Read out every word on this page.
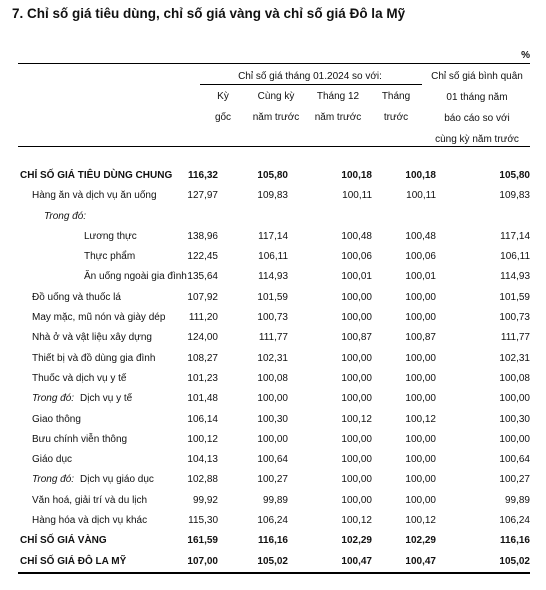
7. Chỉ số giá tiêu dùng, chỉ số giá vàng và chỉ số giá Đô la Mỹ
%
Chỉ số giá tháng 01.2024 so với:
Kỳ
gốc
Cùng kỳ
năm trước
Tháng 12
năm trước
Tháng
trước
Chỉ số giá bình quân
01 tháng năm
báo cáo so với
cùng kỳ năm trước
CHỈ SỐ GIÁ TIÊU DÙNG CHUNG 116,32	105,80	100,18	100,18	105,80
Hàng ăn và dịch vụ ăn uống	127,97	109,83	100,11	100,11	109,83
Trong đó:
Lương thực	138,96	117,14	100,48	100,48	117,14
Thực phẩm	122,45	106,11	100,06	100,06	106,11
Ăn uống ngoài gia đình 135,64	114,93	100,01	100,01	114,93
Đồ uống và thuốc lá	107,92	101,59	100,00	100,00	101,59
May mặc, mũ nón và giày dép 111,20	100,73	100,00	100,00	100,73
Nhà ở và vật liệu xây dựng	124,00	111,77	100,87	100,87	111,77
Thiết bị và đồ dùng gia đình	108,27	102,31	100,00	100,00	102,31
Thuốc và dịch vụ y tế	101,23	100,08	100,00	100,00	100,08
Trong đó: Dịch vụ y tế	101,48	100,00	100,00	100,00	100,00
Giao thông	106,14	100,30	100,12	100,12	100,30
Bưu chính viễn thông	100,12	100,00	100,00	100,00	100,00
Giáo dục	104,13	100,64	100,00	100,00	100,64
Trong đó: Dịch vụ giáo dục	102,88	100,27	100,00	100,00	100,27
Văn hoá, giải trí và du lịch	99,92	99,89	100,00	100,00	99,89
Hàng hóa và dịch vụ khác	115,30	106,24	100,12	100,12	106,24
CHỈ SỐ GIÁ VÀNG	161,59	116,16	102,29	102,29	116,16
CHỈ SỐ GIÁ ĐÔ LA MỸ	107,00	105,02	100,47	100,47	105,02
